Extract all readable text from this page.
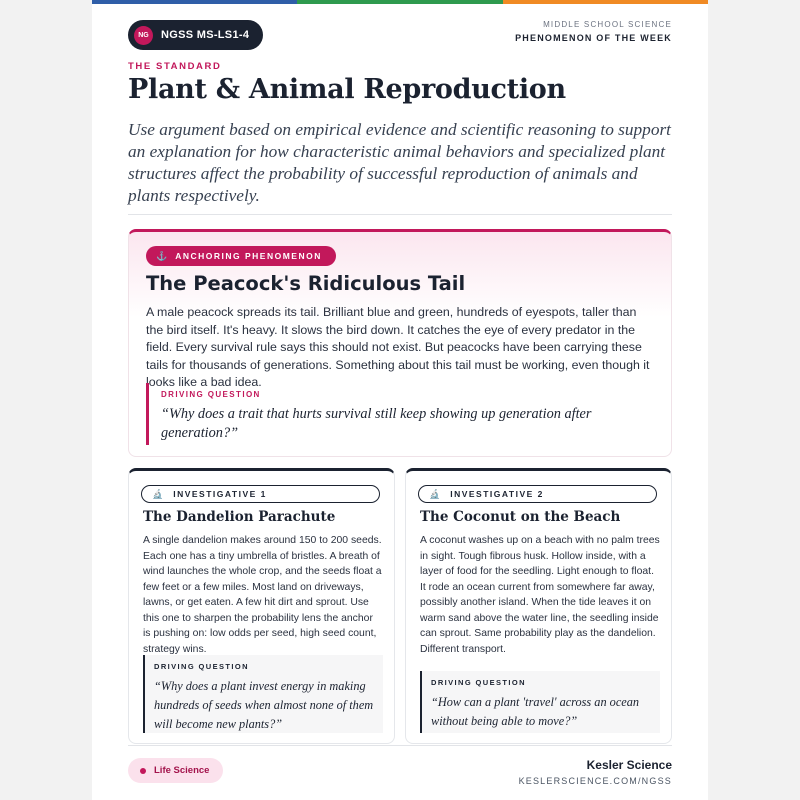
NG	NGSS MS-LS1-4
MIDDLE SCHOOL SCIENCE
PHENOMENON OF THE WEEK
THE STANDARD
Plant & Animal Reproduction
Use argument based on empirical evidence and scientific reasoning to support an explanation for how characteristic animal behaviors and specialized plant structures affect the probability of successful reproduction of animals and plants respectively.
⚓ ANCHORING PHENOMENON
The Peacock's Ridiculous Tail
A male peacock spreads its tail. Brilliant blue and green, hundreds of eyespots, taller than the bird itself. It's heavy. It slows the bird down. It catches the eye of every predator in the field. Every survival rule says this should not exist. But peacocks have been carrying these tails for thousands of generations. Something about this tail must be working, even though it looks like a bad idea.
DRIVING QUESTION
“Why does a trait that hurts survival still keep showing up generation after generation?”
🔬 INVESTIGATIVE 1
The Dandelion Parachute
A single dandelion makes around 150 to 200 seeds. Each one has a tiny umbrella of bristles. A breath of wind launches the whole crop, and the seeds float a few feet or a few miles. Most land on driveways, lawns, or get eaten. A few hit dirt and sprout. Use this one to sharpen the probability lens the anchor is pushing on: low odds per seed, high seed count, strategy wins.
DRIVING QUESTION
“Why does a plant invest energy in making hundreds of seeds when almost none of them will become new plants?”
🔬 INVESTIGATIVE 2
The Coconut on the Beach
A coconut washes up on a beach with no palm trees in sight. Tough fibrous husk. Hollow inside, with a layer of food for the seedling. Light enough to float. It rode an ocean current from somewhere far away, possibly another island. When the tide leaves it on warm sand above the water line, the seedling inside can sprout. Same probability play as the dandelion. Different transport.
DRIVING QUESTION
“How can a plant 'travel' across an ocean without being able to move?”
Life Science	Kesler Science
KESLERSCIENCE.COM/NGSS
